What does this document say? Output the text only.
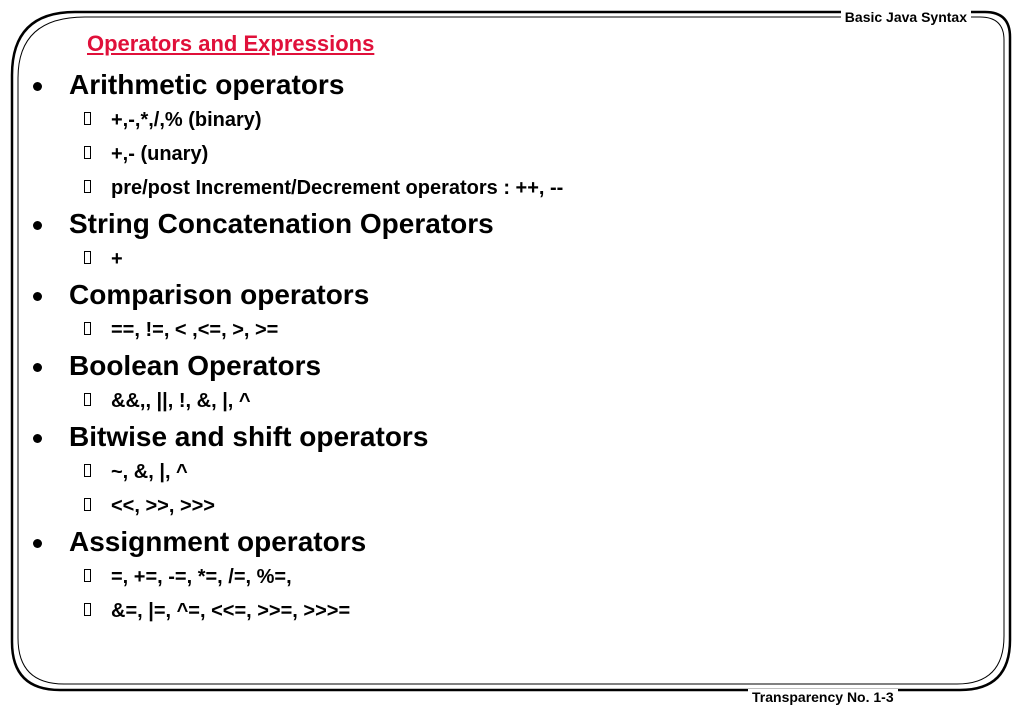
Basic Java Syntax
Operators and Expressions
Arithmetic operators
+,-,*,/,% (binary)
+,- (unary)
pre/post Increment/Decrement operators : ++, --
String Concatenation Operators
+
Comparison operators
==, !=, < ,<=, >, >=
Boolean Operators
&&,, ||, !, &, |, ^
Bitwise and shift operators
~, &, |, ^
<<, >>, >>>
Assignment operators
=, +=, -=, *=, /=, %=,
&=, |=, ^=, <<=, >>=, >>>=
Transparency No. 1-3
